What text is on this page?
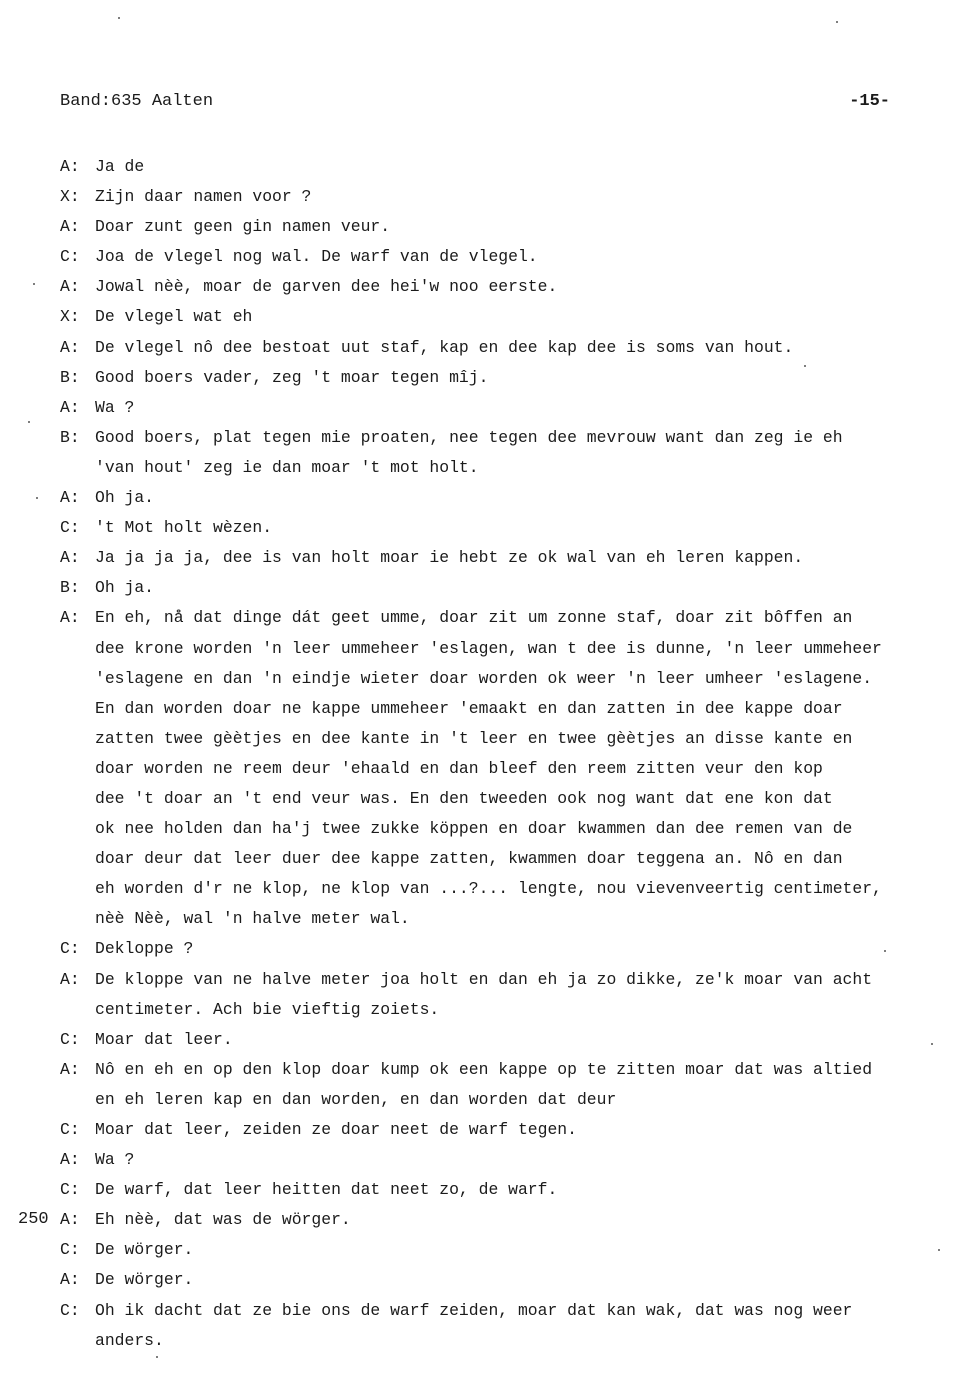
Band:635 Aalten	-15-
A: Ja de
X: Zijn daar namen voor ?
A: Doar zunt geen gin namen veur.
C: Joa de vlegel nog wal. De warf van de vlegel.
A: Jowal nèè, moar de garven dee hei'w noo eerste.
X: De vlegel wat eh
A: De vlegel nô dee bestoat uut staf, kap en dee kap dee is soms van hout.
B: Good boers vader, zeg 't moar tegen mîj.
A: Wa ?
B: Good boers, plat tegen mie proaten, nee tegen dee mevrouw want dan zeg ie eh
'van hout' zeg ie dan moar 't mot holt.
A: Oh ja.
C: 't Mot holt wèzen.
A: Ja ja ja ja, dee is van holt moar ie hebt ze ok wal van eh leren kappen.
B: Oh ja.
A: En eh, nå dat dinge dát geet umme, doar zit um zonne staf, doar zit bôffen an
dee krone worden 'n leer ummeheer 'eslagen, wan t dee is dunne, 'n leer ummeheer
'eslagene en dan 'n eindje wieter doar worden ok weer 'n leer umheer 'eslagene.
En dan worden doar ne kappe ummeheer 'emaakt en dan zatten in dee kappe doar
zatten twee gèètjes en dee kante in 't leer en twee gèètjes an disse kante en
doar worden ne reem deur 'ehaald en dan bleef den reem zitten veur den kop
dee 't doar an 't end veur was. En den tweeden ook nog want dat ene kon dat
ok nee holden dan ha'j twee zukke köppen en doar kwammen dan dee remen van de
doar deur dat leer duer dee kappe zatten, kwammen doar teggena an. Nô en dan
eh worden d'r ne klop, ne klop van ...?... lengte, nou vievenveertig centimeter,
nèè Nèè, wal 'n halve meter wal.
C: Dekloppe ?
A: De kloppe van ne halve meter joa holt en dan eh ja zo dikke, ze'k moar van acht
centimeter. Ach bie vieftig zoiets.
C: Moar dat leer.
A: Nô en eh en op den klop doar kump ok een kappe op te zitten moar dat was altied
en eh leren kap en dan worden, en dan worden dat deur
C: Moar dat leer, zeiden ze doar neet de warf tegen.
A: Wa ?
C: De warf, dat leer heitten dat neet zo, de warf.
250 A: Eh nèè, dat was de wörger.
C: De wörger.
A: De wörger.
C: Oh ik dacht dat ze bie ons de warf zeiden, moar dat kan wak, dat was nog weer
anders.
